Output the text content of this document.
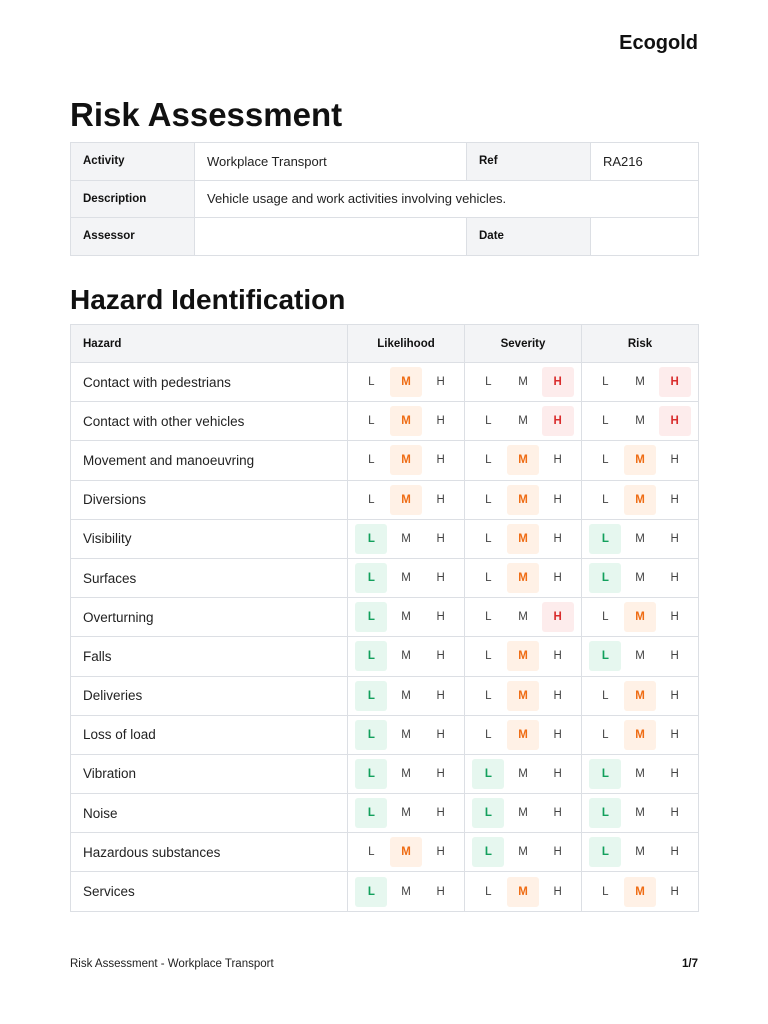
Ecogold
Risk Assessment
Activity	Workplace Transport	Ref	RA216
Description	Vehicle usage and work activities involving vehicles.		
Assessor		Date	
Hazard Identification
Hazard	Likelihood	Severity	Risk
Contact with pedestrians	L M H	L M H	L M H

Contact with other vehicles	L M H	L M H	L M H

Movement and manoeuvring	L M H	L M H	L M H

Diversions	L M H	L M H	L M H

Visibility	L M H	L M H	L M H

Surfaces	L M H	L M H	L M H

Overturning	L M H	L M H	L M H

Falls	L M H	L M H	L M H

Deliveries	L M H	L M H	L M H

Loss of load	L M H	L M H	L M H

Vibration	L M H	L M H	L M H

Noise	L M H	L M H	L M H

Hazardous substances	L M H	L M H	L M H

Services	L M H	L M H	L M H
Risk Assessment - Workplace Transport	1/7
